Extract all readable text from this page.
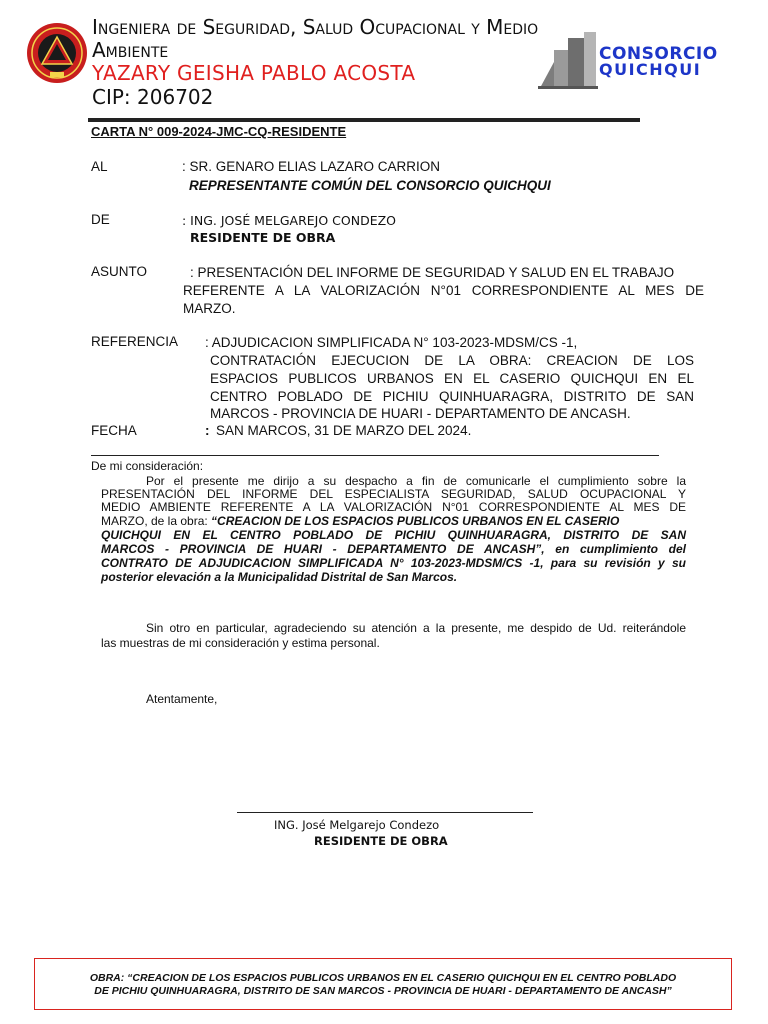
Ingeniera de Seguridad, Salud Ocupacional y Medio
Ambiente
YAZARY GEISHA PABLO ACOSTA
CIP: 206702
CONSORCIO
QUICHQUI
CARTA N° 009-2024-JMC-CQ-RESIDENTE
AL	: SR. GENARO ELIAS LAZARO CARRION
REPRESENTANTE COMÚN DEL CONSORCIO QUICHQUI
DE	: ING. JOSÉ MELGAREJO CONDEZO
RESIDENTE DE OBRA
ASUNTO	: PRESENTACIÓN DEL INFORME DE SEGURIDAD Y SALUD EN EL TRABAJO
REFERENTE A LA VALORIZACIÓN N°01 CORRESPONDIENTE AL MES DE
MARZO.
REFERENCIA : ADJUDICACION SIMPLIFICADA N° 103-2023-MDSM/CS -1,
CONTRATACIÓN EJECUCION DE LA OBRA: CREACION DE LOS
ESPACIOS PUBLICOS URBANOS EN EL CASERIO QUICHQUI EN EL
CENTRO POBLADO DE PICHIU QUINHUARAGRA, DISTRITO DE SAN
MARCOS - PROVINCIA DE HUARI - DEPARTAMENTO DE ANCASH.
FECHA	: SAN MARCOS, 31 DE MARZO DEL 2024.
De mi consideración:
Por el presente me dirijo a su despacho a fin de comunicarle el cumplimiento sobre la
PRESENTACIÓN DEL INFORME DEL ESPECIALISTA SEGURIDAD, SALUD OCUPACIONAL Y
MEDIO AMBIENTE REFERENTE A LA VALORIZACIÓN N°01 CORRESPONDIENTE AL MES DE
MARZO, de la obra: “CREACION DE LOS ESPACIOS PUBLICOS URBANOS EN EL CASERIO
QUICHQUI EN EL CENTRO POBLADO DE PICHIU QUINHUARAGRA, DISTRITO DE SAN
MARCOS - PROVINCIA DE HUARI - DEPARTAMENTO DE ANCASH”, en cumplimiento del
CONTRATO DE ADJUDICACION SIMPLIFICADA N° 103-2023-MDSM/CS -1, para su revisión y su
posterior elevación a la Municipalidad Distrital de San Marcos.
Sin otro en particular, agradeciendo su atención a la presente, me despido de Ud. reiterándole
las muestras de mi consideración y estima personal.
Atentamente,
ING. José Melgarejo Condezo
RESIDENTE DE OBRA
OBRA: “CREACION DE LOS ESPACIOS PUBLICOS URBANOS EN EL CASERIO QUICHQUI EN EL CENTRO POBLADO
DE PICHIU QUINHUARAGRA, DISTRITO DE SAN MARCOS - PROVINCIA DE HUARI - DEPARTAMENTO DE ANCASH”
